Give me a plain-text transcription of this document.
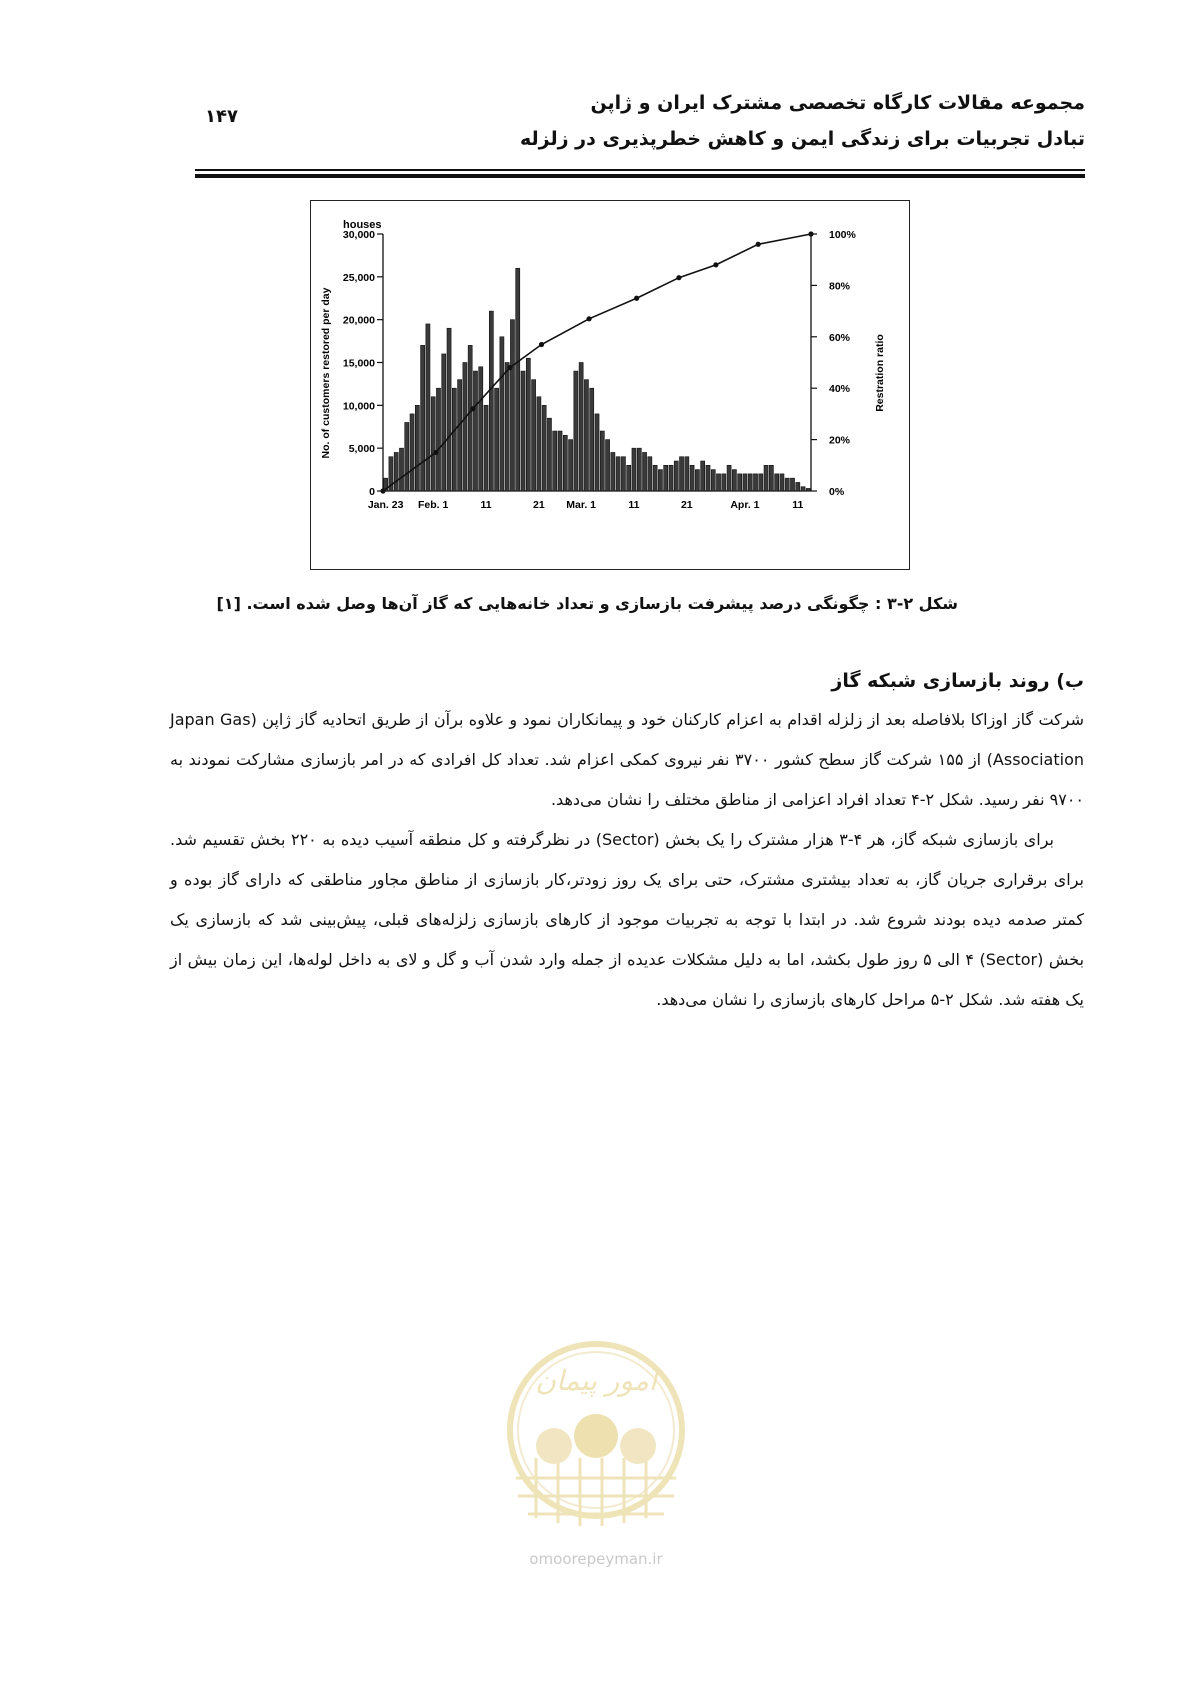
مجموعه مقالات کارگاه تخصصی مشترک ایران و ژاپن
تبادل تجربیات برای زندگی ایمن و کاهش خطرپذیری در زلزله
۱۴۷
houses
No. of customers restored per day	Restration ratio
0
5,000
10,000
15,000
20,000
25,000
30,000
0%
20%
40%
60%
80%
100%
Jan. 23 Feb. 1	11	21 Mar. 1	11	21	Apr. 1	11
شکل ۲-۳ : چگونگی درصد پیشرفت بازسازی و تعداد خانه‌هایی که گاز آن‌ها وصل شده است. [۱]
ب) روند بازسازی شبکه گاز

شرکت گاز اوزاکا بلافاصله بعد از زلزله اقدام به اعزام کارکنان خود و پیمانکاران نمود و علاوه برآن از طریق اتحادیه گاز ژاپن (Japan Gas Association) از ۱۵۵ شرکت گاز سطح کشور ۳۷۰۰ نفر نیروی کمکی اعزام شد. تعداد کل افرادی که در امر بازسازی مشارکت نمودند به ۹۷۰۰ نفر رسید. شکل ۲-۴ تعداد افراد اعزامی از مناطق مختلف را نشان می‌دهد.

برای بازسازی شبکه گاز، هر ۴-۳ هزار مشترک را یک بخش (Sector) در نظرگرفته و کل منطقه آسیب دیده به ۲۲۰ بخش تقسیم شد. برای برقراری جریان گاز، به تعداد بیشتری مشترک، حتی برای یک روز زودتر،کار بازسازی از مناطق مجاور مناطقی که دارای گاز بوده و کمتر صدمه دیده بودند شروع شد. در ابتدا با توجه به تجربیات موجود از کارهای بازسازی زلزله‌های قبلی، پیش‌بینی شد که بازسازی یک بخش (Sector) ۴ الی ۵ روز طول بکشد، اما به دلیل مشکلات عدیده از جمله وارد شدن آب و گل و لای به داخل لوله‌ها، این زمان بیش از یک هفته شد. شکل ۲-۵ مراحل کارهای بازسازی را نشان می‌دهد.

امور پیمان
omoorepeyman.ir
